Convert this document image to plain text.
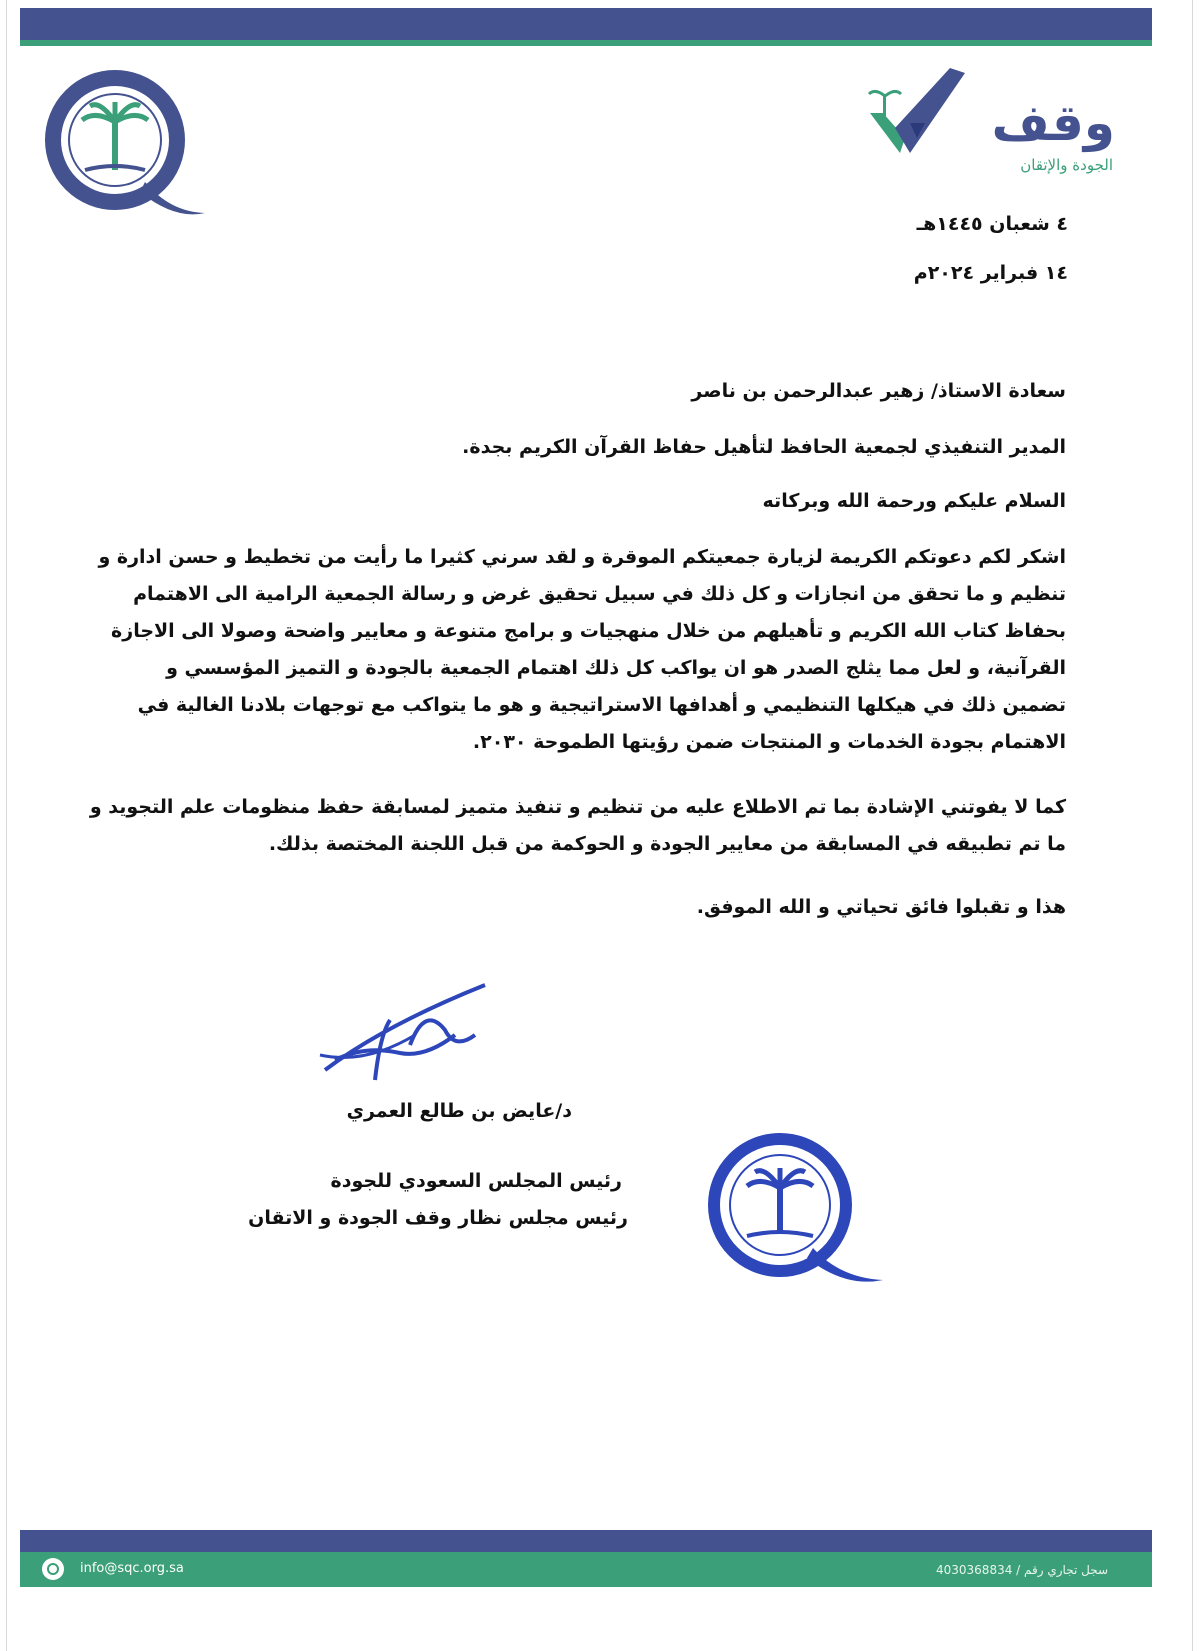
وقف
الجودة والإتقان
٤ شعبان ١٤٤٥هـ
١٤ فبراير ٢٠٢٤م
سعادة الاستاذ/ زهير عبدالرحمن بن ناصر
المدير التنفيذي لجمعية الحافظ لتأهيل حفاظ القرآن الكريم بجدة.
السلام عليكم ورحمة الله وبركاته
اشكر لكم دعوتكم الكريمة لزيارة جمعيتكم الموقرة و لقد سرني كثيرا ما رأيت من تخطيط و حسن ادارة و
تنظيم و ما تحقق من انجازات و كل ذلك في سبيل تحقيق غرض و رسالة الجمعية الرامية الى الاهتمام
بحفاظ كتاب الله الكريم و تأهيلهم من خلال منهجيات و برامج متنوعة و معايير واضحة وصولا الى الاجازة
القرآنية، و لعل مما يثلج الصدر هو ان يواكب كل ذلك اهتمام الجمعية بالجودة و التميز المؤسسي و
تضمين ذلك في هيكلها التنظيمي و أهدافها الاستراتيجية و هو ما يتواكب مع توجهات بلادنا الغالية في
الاهتمام بجودة الخدمات و المنتجات ضمن رؤيتها الطموحة ٢٠٣٠.
كما لا يفوتني الإشادة بما تم الاطلاع عليه من تنظيم و تنفيذ متميز لمسابقة حفظ منظومات علم التجويد و
ما تم تطبيقه في المسابقة من معايير الجودة و الحوكمة من قبل اللجنة المختصة بذلك.
هذا و تقبلوا فائق تحياتي و الله الموفق.
د/عايض بن طالع العمري
رئيس المجلس السعودي للجودة
رئيس مجلس نظار وقف الجودة و الاتقان
info@sqc.org.sa	سجل تجاري رقم / 4030368834
